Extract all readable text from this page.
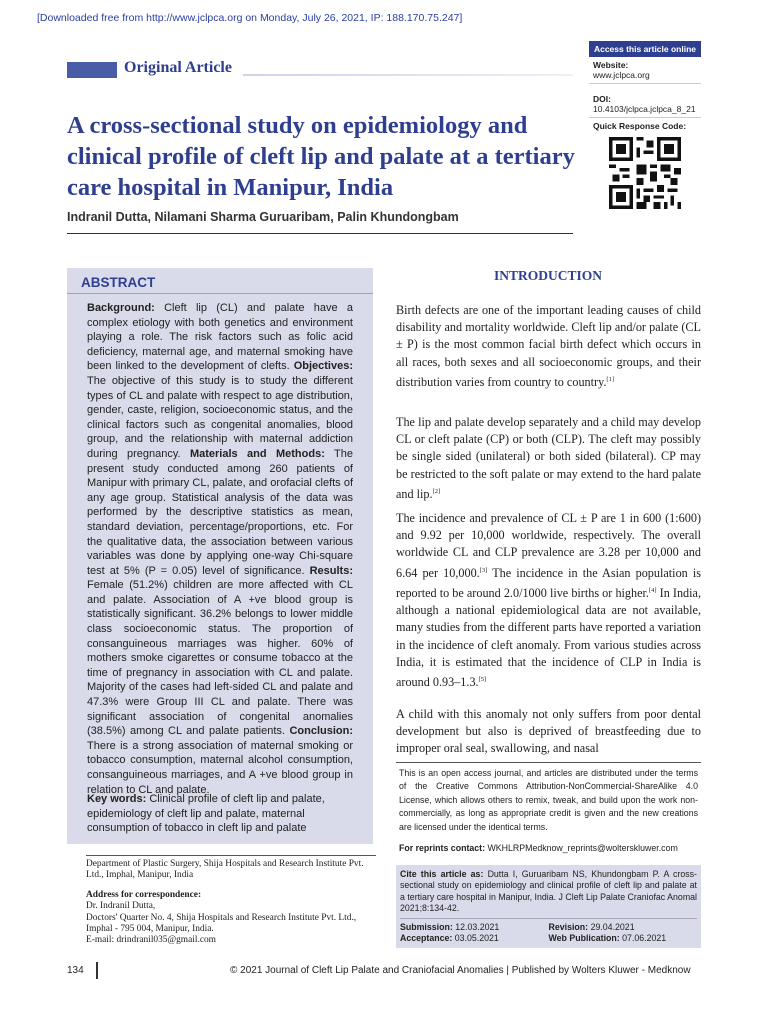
[Downloaded free from http://www.jclpca.org on Monday, July 26, 2021, IP: 188.170.75.247]
Original Article
A cross-sectional study on epidemiology and clinical profile of cleft lip and palate at a tertiary care hospital in Manipur, India
Indranil Dutta, Nilamani Sharma Guruaribam, Palin Khundongbam
Access this article online
Website:
www.jclpca.org
DOI:
10.4103/jclpca.jclpca_8_21
Quick Response Code:
ABSTRACT
Background: Cleft lip (CL) and palate have a complex etiology with both genetics and environment playing a role. The risk factors such as folic acid deficiency, maternal age, and maternal smoking have been linked to the development of clefts. Objectives: The objective of this study is to study the different types of CL and palate with respect to age distribution, gender, caste, religion, socioeconomic status, and the clinical factors such as congenital anomalies, blood group, and the relationship with maternal addiction during pregnancy. Materials and Methods: The present study conducted among 260 patients of Manipur with primary CL, palate, and orofacial clefts of any age group. Statistical analysis of the data was performed by the descriptive statistics as mean, standard deviation, percentage/proportions, etc. For the qualitative data, the association between various variables was done by applying one-way Chi-square test at 5% (P = 0.05) level of significance. Results: Female (51.2%) children are more affected with CL and palate. Association of A +ve blood group is statistically significant. 36.2% belongs to lower middle class socioeconomic status. The proportion of consanguineous marriages was higher. 60% of mothers smoke cigarettes or consume tobacco at the time of pregnancy in association with CL and palate. Majority of the cases had left-sided CL and palate and 47.3% were Group III CL and palate. There was significant association of congenital anomalies (38.5%) among CL and palate patients. Conclusion: There is a strong association of maternal smoking or tobacco consumption, maternal alcohol consumption, consanguineous marriages, and A +ve blood group in relation to CL and palate.
Key words: Clinical profile of cleft lip and palate, epidemiology of cleft lip and palate, maternal consumption of tobacco in cleft lip and palate
INTRODUCTION

Birth defects are one of the important leading causes of child disability and mortality worldwide. Cleft lip and/or palate (CL ± P) is the most common facial birth defect which occurs in all races, both sexes and all socioeconomic groups, and their distribution varies from country to country.[1]

The lip and palate develop separately and a child may develop CL or cleft palate (CP) or both (CLP). The cleft may possibly be single sided (unilateral) or both sided (bilateral). CP may be restricted to the soft palate or may extend to the hard palate and lip.[2]

The incidence and prevalence of CL ± P are 1 in 600 (1:600) and 9.92 per 10,000 worldwide, respectively. The overall worldwide CL and CLP prevalence are 3.28 per 10,000 and 6.64 per 10,000.[3] The incidence in the Asian population is reported to be around 2.0/1000 live births or higher.[4] In India, although a national epidemiological data are not available, many studies from the different parts have reported a variation in the incidence of cleft anomaly. From various studies across India, it is estimated that the incidence of CLP in India is around 0.93–1.3.[5]

A child with this anomaly not only suffers from poor dental development but also is deprived of breastfeeding due to improper oral seal, swallowing, and nasal

This is an open access journal, and articles are distributed under the terms of the Creative Commons Attribution-NonCommercial-ShareAlike 4.0 License, which allows others to remix, tweak, and build upon the work non-commercially, as long as appropriate credit is given and the new creations are licensed under the identical terms.

For reprints contact: WKHLRPMedknow_reprints@wolterskluwer.com
Cite this article as: Dutta I, Guruaribam NS, Khundongbam P. A cross-sectional study on epidemiology and clinical profile of cleft lip and palate at a tertiary care hospital in Manipur, India. J Cleft Lip Palate Craniofac Anomal 2021;8:134-42.
Submission: 12.03.2021	Revision: 29.04.2021
Acceptance: 03.05.2021	Web Publication: 07.06.2021
Department of Plastic Surgery, Shija Hospitals and Research Institute Pvt. Ltd., Imphal, Manipur, India
Address for correspondence:
Dr. Indranil Dutta,
Doctors' Quarter No. 4, Shija Hospitals and Research Institute Pvt. Ltd., Imphal - 795 004, Manipur, India.
E-mail: drindranil035@gmail.com
134	© 2021 Journal of Cleft Lip Palate and Craniofacial Anomalies | Published by Wolters Kluwer - Medknow
